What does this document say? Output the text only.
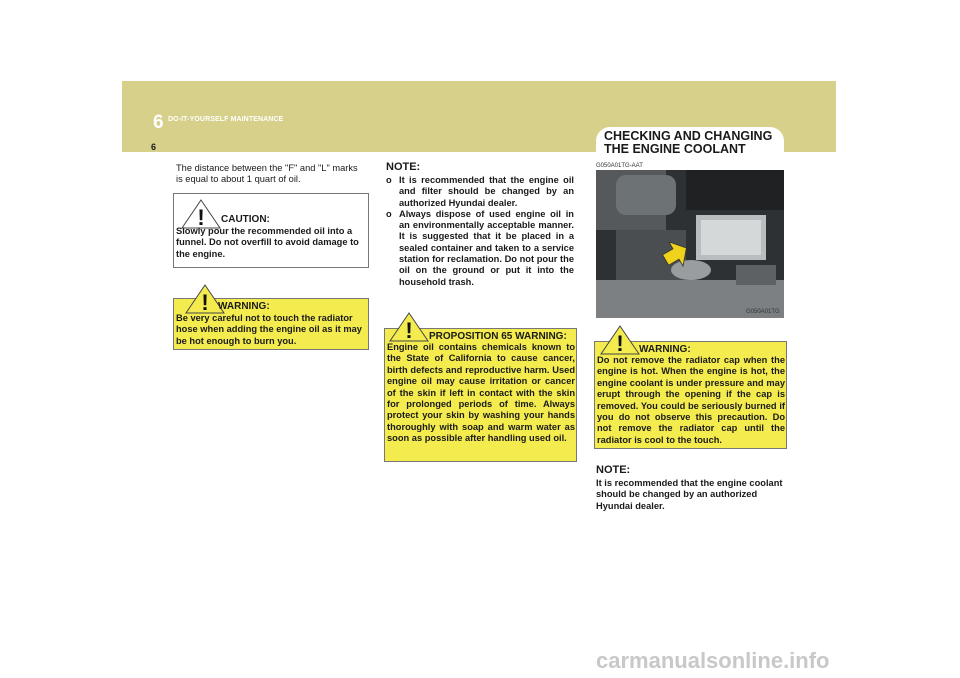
6 DO-IT-YOURSELF MAINTENANCE
6
CHECKING AND CHANGING
THE ENGINE COOLANT
The distance between the "F" and "L" marks is equal to about 1 quart of oil.
! CAUTION:
Slowly pour the recommended oil into a funnel. Do not overfill to avoid damage to the engine.
! WARNING:
Be very careful not to touch the radiator hose when adding the engine oil as it may be hot enough to burn you.
NOTE:
o It is recommended that the engine oil and filter should be changed by an authorized Hyundai dealer.
o Always dispose of used engine oil in an environmentally acceptable manner. It is suggested that it be placed in a sealed container and taken to a service station for reclamation. Do not pour the oil on the ground or put it into the household trash.
! PROPOSITION 65 WARNING:
Engine oil contains chemicals known to the State of California to cause cancer, birth defects and reproductive harm. Used engine oil may cause irritation or cancer of the skin if left in contact with the skin for prolonged periods of time. Always protect your skin by washing your hands thoroughly with soap and warm water as soon as possible after handling used oil.
G050A01TG-AAT
G050A01TG
! WARNING:
Do not remove the radiator cap when the engine is hot. When the engine is hot, the engine coolant is under pressure and may erupt through the opening if the cap is removed. You could be seriously burned if you do not observe this precaution. Do not remove the radiator cap until the radiator is cool to the touch.
NOTE:
It is recommended that the engine coolant should be changed by an authorized Hyundai dealer.
carmanualsonline.info
